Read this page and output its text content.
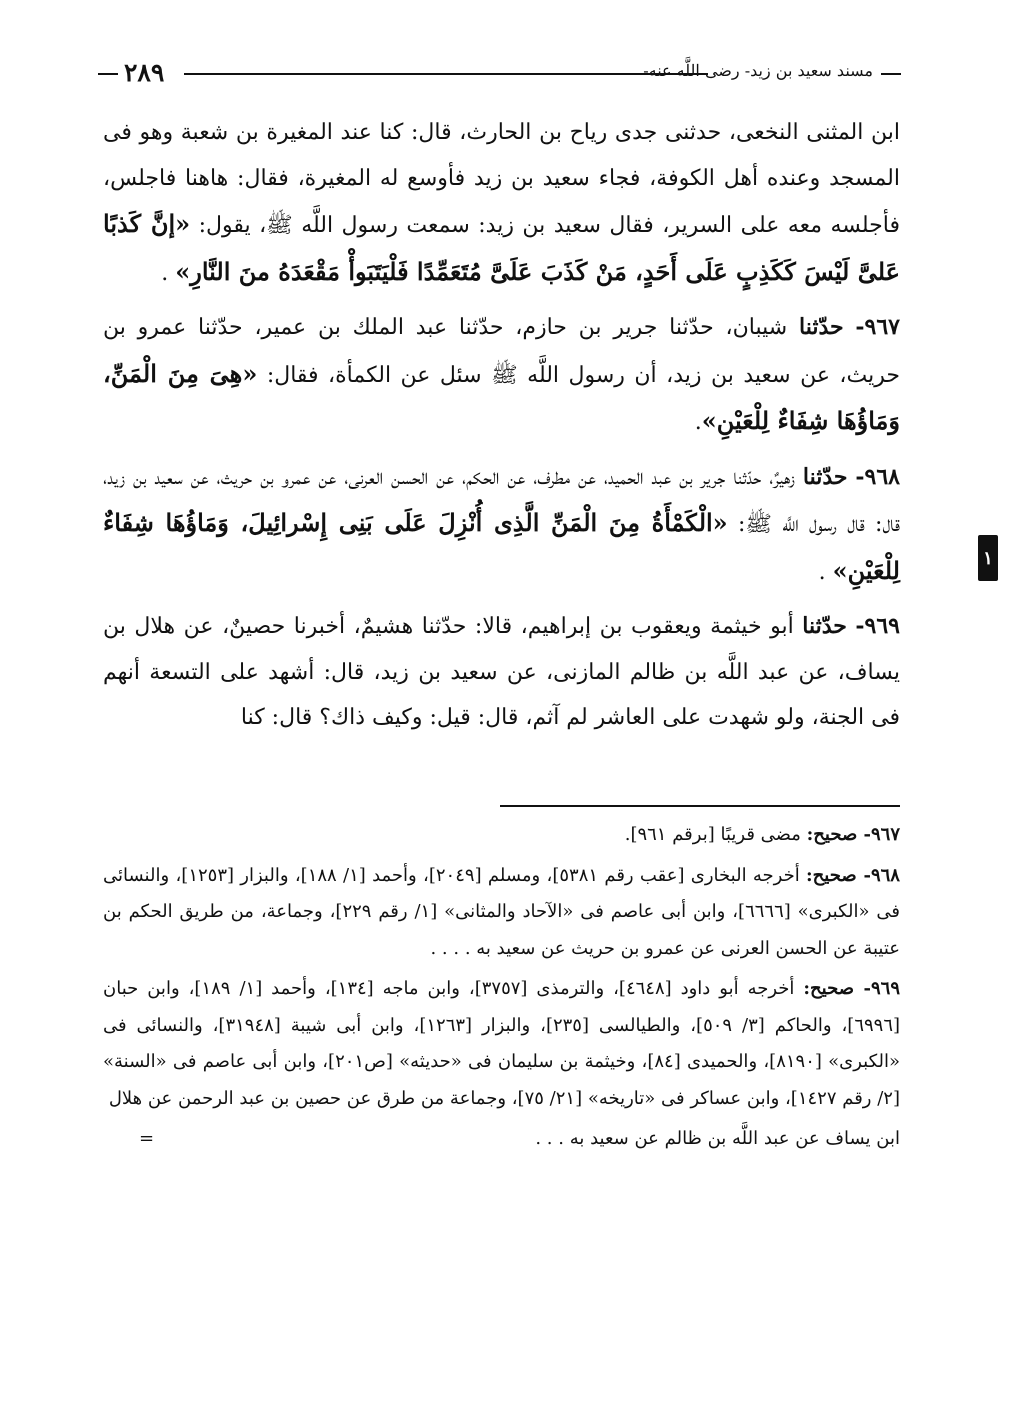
٢٨٩	مسند سعيد بن زيد- رضى اللَّه عنه-
١

ابن المثنى النخعى، حدثنى جدى رياح بن الحارث، قال: كنا عند المغيرة بن شعبة وهو فى المسجد وعنده أهل الكوفة، فجاء سعيد بن زيد فأوسع له المغيرة، فقال: هاهنا فاجلس، فأجلسه معه على السرير، فقال سعيد بن زيد: سمعت رسول اللَّه ﷺ، يقول: «إنَّ كَذبًا عَلىَّ لَيْسَ كَكَذِبٍ عَلَى أَحَدٍ، مَنْ كَذَبَ عَلَىَّ مُتَعَمِّدًا فَلْيَتَبَوأْ مَقْعَدَهُ منَ النَّارِ» .

٩٦٧- حدّثنا شيبان، حدّثنا جرير بن حازم، حدّثنا عبد الملك بن عمير، حدّثنا عمرو بن حريث، عن سعيد بن زيد، أن رسول اللَّه ﷺ سئل عن الكمأة، فقال: «هِىَ مِنَ الْمَنِّ، وَمَاؤُهَا شِفَاءٌ لِلْعَيْنِ».

٩٦٨- حدّثنا زهيرٌ، حدّثنا جرير بن عبد الحميد، عن مطرف، عن الحكم، عن الحسن العرنى، عن عمرو بن حريث، عن سعيد بن زيد، قال: قال رسول اللَّه ﷺ: «الْكَمْأَةُ مِنَ الْمَنِّ الَّذِى أُنْزِلَ عَلَى بَنِى إِسْرائِيلَ، وَمَاؤُهَا شِفَاءٌ لِلْعَيْنِ» .

٩٦٩- حدّثنا أبو خيثمة ويعقوب بن إبراهيم، قالا: حدّثنا هشيمٌ، أخبرنا حصينٌ، عن هلال بن يساف، عن عبد اللَّه بن ظالم المازنى، عن سعيد بن زيد، قال: أشهد على التسعة أنهم فى الجنة، ولو شهدت على العاشر لم آثم، قال: قيل: وكيف ذاك؟ قال: كنا

٩٦٧- صحيح: مضى قريبًا [برقم ٩٦١].

٩٦٨- صحيح: أخرجه البخارى [عقب رقم ٥٣٨١]، ومسلم [٢٠٤٩]، وأحمد [١/ ١٨٨]، والبزار [١٢٥٣]، والنسائى فى «الكبرى» [٦٦٦٦]، وابن أبى عاصم فى «الآحاد والمثانى» [١/ رقم ٢٢٩]، وجماعة، من طريق الحكم بن عتيبة عن الحسن العرنى عن عمرو بن حريث عن سعيد به . . . .

٩٦٩- صحيح: أخرجه أبو داود [٤٦٤٨]، والترمذى [٣٧٥٧]، وابن ماجه [١٣٤]، وأحمد [١/ ١٨٩]، وابن حبان [٦٩٩٦]، والحاكم [٣/ ٥٠٩]، والطيالسى [٢٣٥]، والبزار [١٢٦٣]، وابن أبى شيبة [٣١٩٤٨]، والنسائى فى «الكبرى» [٨١٩٠]، والحميدى [٨٤]، وخيثمة بن سليمان فى «حديثه» [ص٢٠١]، وابن أبى عاصم فى «السنة» [٢/ رقم ١٤٢٧]، وابن عساكر فى «تاريخه» [٢١/ ٧٥]، وجماعة من طرق عن حصين بن عبد الرحمن عن هلال

ابن يساف عن عبد اللَّه بن ظالم عن سعيد به . . .
=
